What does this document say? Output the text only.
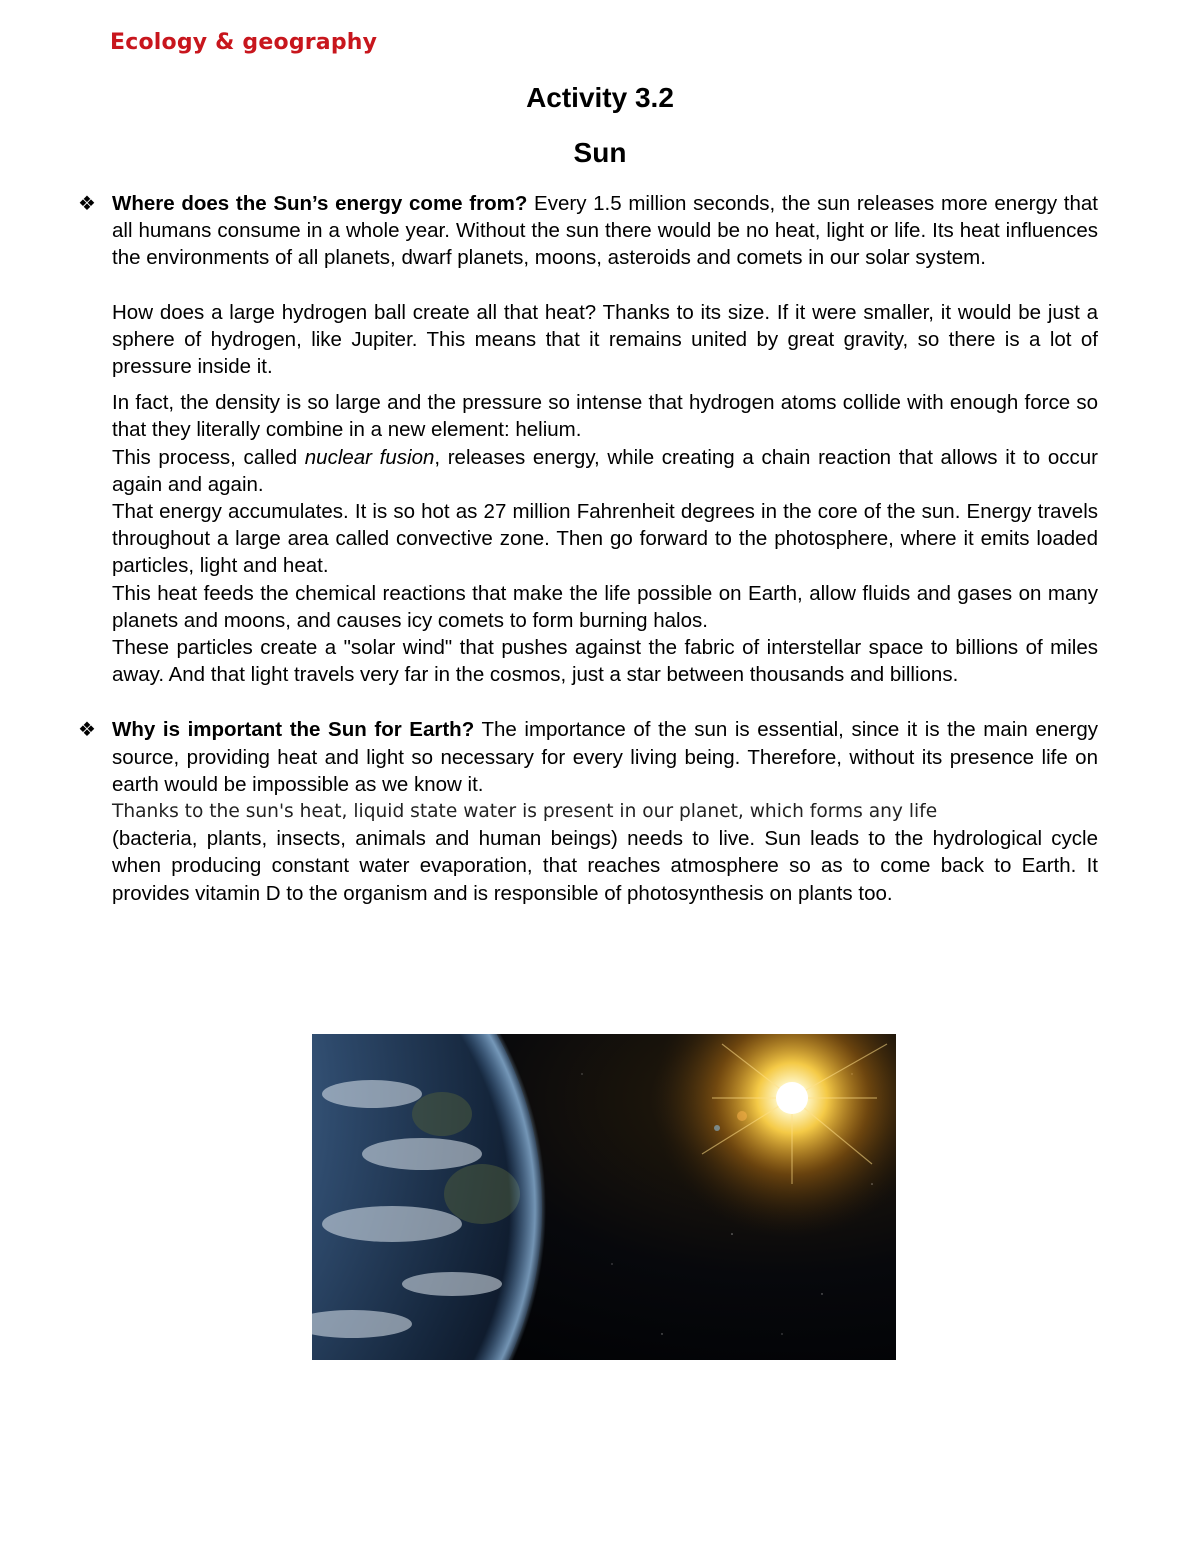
Ecology & geography
Activity 3.2
Sun
❖ Where does the Sun’s energy come from? Every 1.5 million seconds, the sun releases more energy that all humans consume in a whole year. Without the sun there would be no heat, light or life. Its heat influences the environments of all planets, dwarf planets, moons, asteroids and comets in our solar system.

How does a large hydrogen ball create all that heat? Thanks to its size. If it were smaller, it would be just a sphere of hydrogen, like Jupiter. This means that it remains united by great gravity, so there is a lot of pressure inside it.

In fact, the density is so large and the pressure so intense that hydrogen atoms collide with enough force so that they literally combine in a new element: helium.

This process, called nuclear fusion, releases energy, while creating a chain reaction that allows it to occur again and again.

That energy accumulates. It is so hot as 27 million Fahrenheit degrees in the core of the sun. Energy travels throughout a large area called convective zone. Then go forward to the photosphere, where it emits loaded particles, light and heat.

This heat feeds the chemical reactions that make the life possible on Earth, allow fluids and gases on many planets and moons, and causes icy comets to form burning halos.

These particles create a "solar wind" that pushes against the fabric of interstellar space to billions of miles away. And that light travels very far in the cosmos, just a star between thousands and billions.

❖ Why is important the Sun for Earth? The importance of the sun is essential, since it is the main energy source, providing heat and light so necessary for every living being. Therefore, without its presence life on earth would be impossible as we know it.

Thanks to the sun's heat, liquid state water is present in our planet, which forms any life

(bacteria, plants, insects, animals and human beings) needs to live. Sun leads to the hydrological cycle when producing constant water evaporation, that reaches atmosphere so as to come back to Earth. It provides vitamin D to the organism and is responsible of photosynthesis on plants too.
